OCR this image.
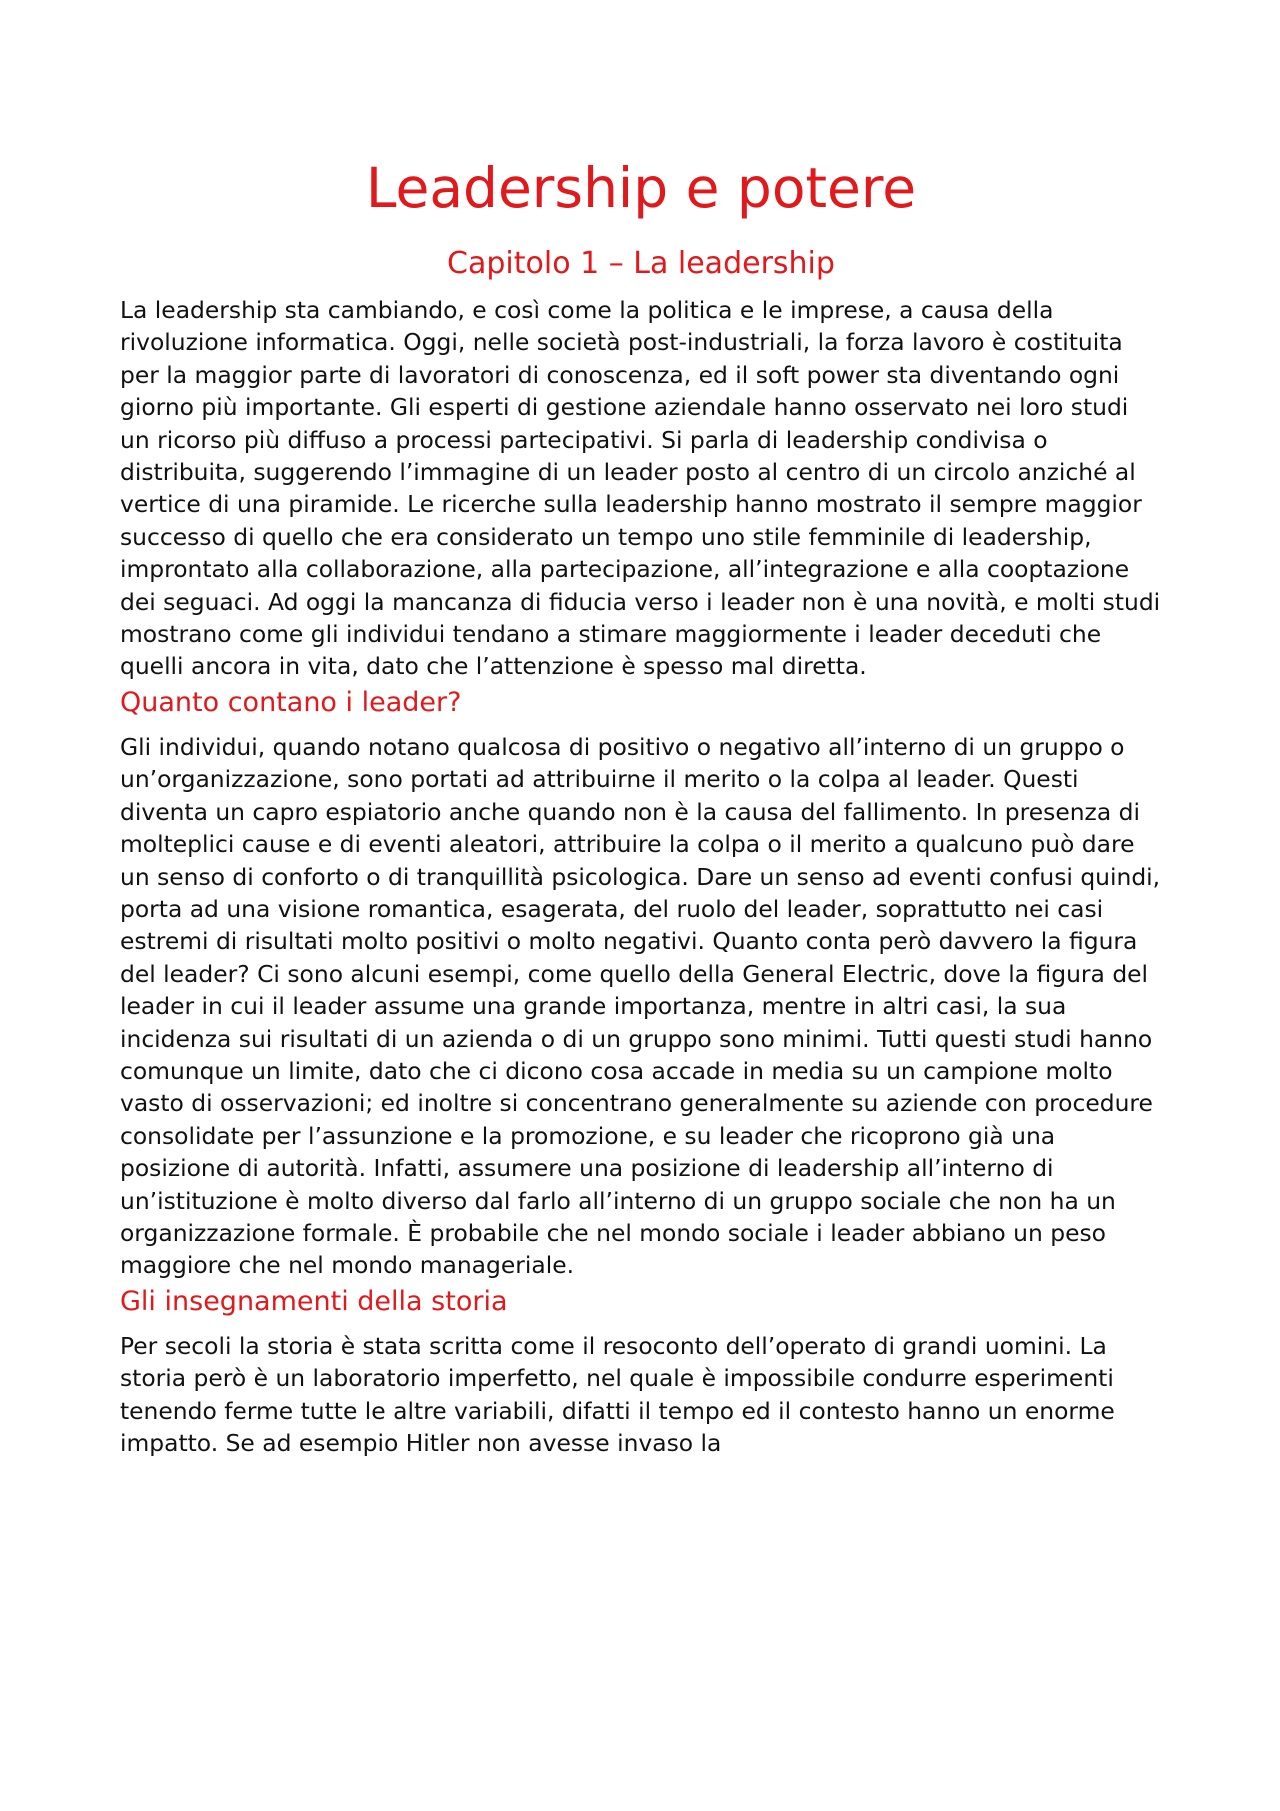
Leadership e potere
Capitolo 1 – La leadership

La leadership sta cambiando, e così come la politica e le imprese, a causa della rivoluzione informatica. Oggi, nelle società post-industriali, la forza lavoro è costituita per la maggior parte di lavoratori di conoscenza, ed il soft power sta diventando ogni giorno più importante. Gli esperti di gestione aziendale hanno osservato nei loro studi un ricorso più diffuso a processi partecipativi. Si parla di leadership condivisa o distribuita, suggerendo l’immagine di un leader posto al centro di un circolo anziché al vertice di una piramide. Le ricerche sulla leadership hanno mostrato il sempre maggior successo di quello che era considerato un tempo uno stile femminile di leadership, improntato alla collaborazione, alla partecipazione, all’integrazione e alla cooptazione dei seguaci. Ad oggi la mancanza di fiducia verso i leader non è una novità, e molti studi mostrano come gli individui tendano a stimare maggiormente i leader deceduti che quelli ancora in vita, dato che l’attenzione è spesso mal diretta.

Quanto contano i leader?

Gli individui, quando notano qualcosa di positivo o negativo all’interno di un gruppo o un’organizzazione, sono portati ad attribuirne il merito o la colpa al leader. Questi diventa un capro espiatorio anche quando non è la causa del fallimento. In presenza di molteplici cause e di eventi aleatori, attribuire la colpa o il merito a qualcuno può dare un senso di conforto o di tranquillità psicologica. Dare un senso ad eventi confusi quindi, porta ad una visione romantica, esagerata, del ruolo del leader, soprattutto nei casi estremi di risultati molto positivi o molto negativi. Quanto conta però davvero la figura del leader? Ci sono alcuni esempi, come quello della General Electric, dove la figura del leader in cui il leader assume una grande importanza, mentre in altri casi, la sua incidenza sui risultati di un azienda o di un gruppo sono minimi. Tutti questi studi hanno comunque un limite, dato che ci dicono cosa accade in media su un campione molto vasto di osservazioni; ed inoltre si concentrano generalmente su aziende con procedure consolidate per l’assunzione e la promozione, e su leader che ricoprono già una posizione di autorità. Infatti, assumere una posizione di leadership all’interno di un’istituzione è molto diverso dal farlo all’interno di un gruppo sociale che non ha un organizzazione formale. È probabile che nel mondo sociale i leader abbiano un peso maggiore che nel mondo manageriale.

Gli insegnamenti della storia

Per secoli la storia è stata scritta come il resoconto dell’operato di grandi uomini. La storia però è un laboratorio imperfetto, nel quale è impossibile condurre esperimenti tenendo ferme tutte le altre variabili, difatti il tempo ed il contesto hanno un enorme impatto. Se ad esempio Hitler non avesse invaso la
